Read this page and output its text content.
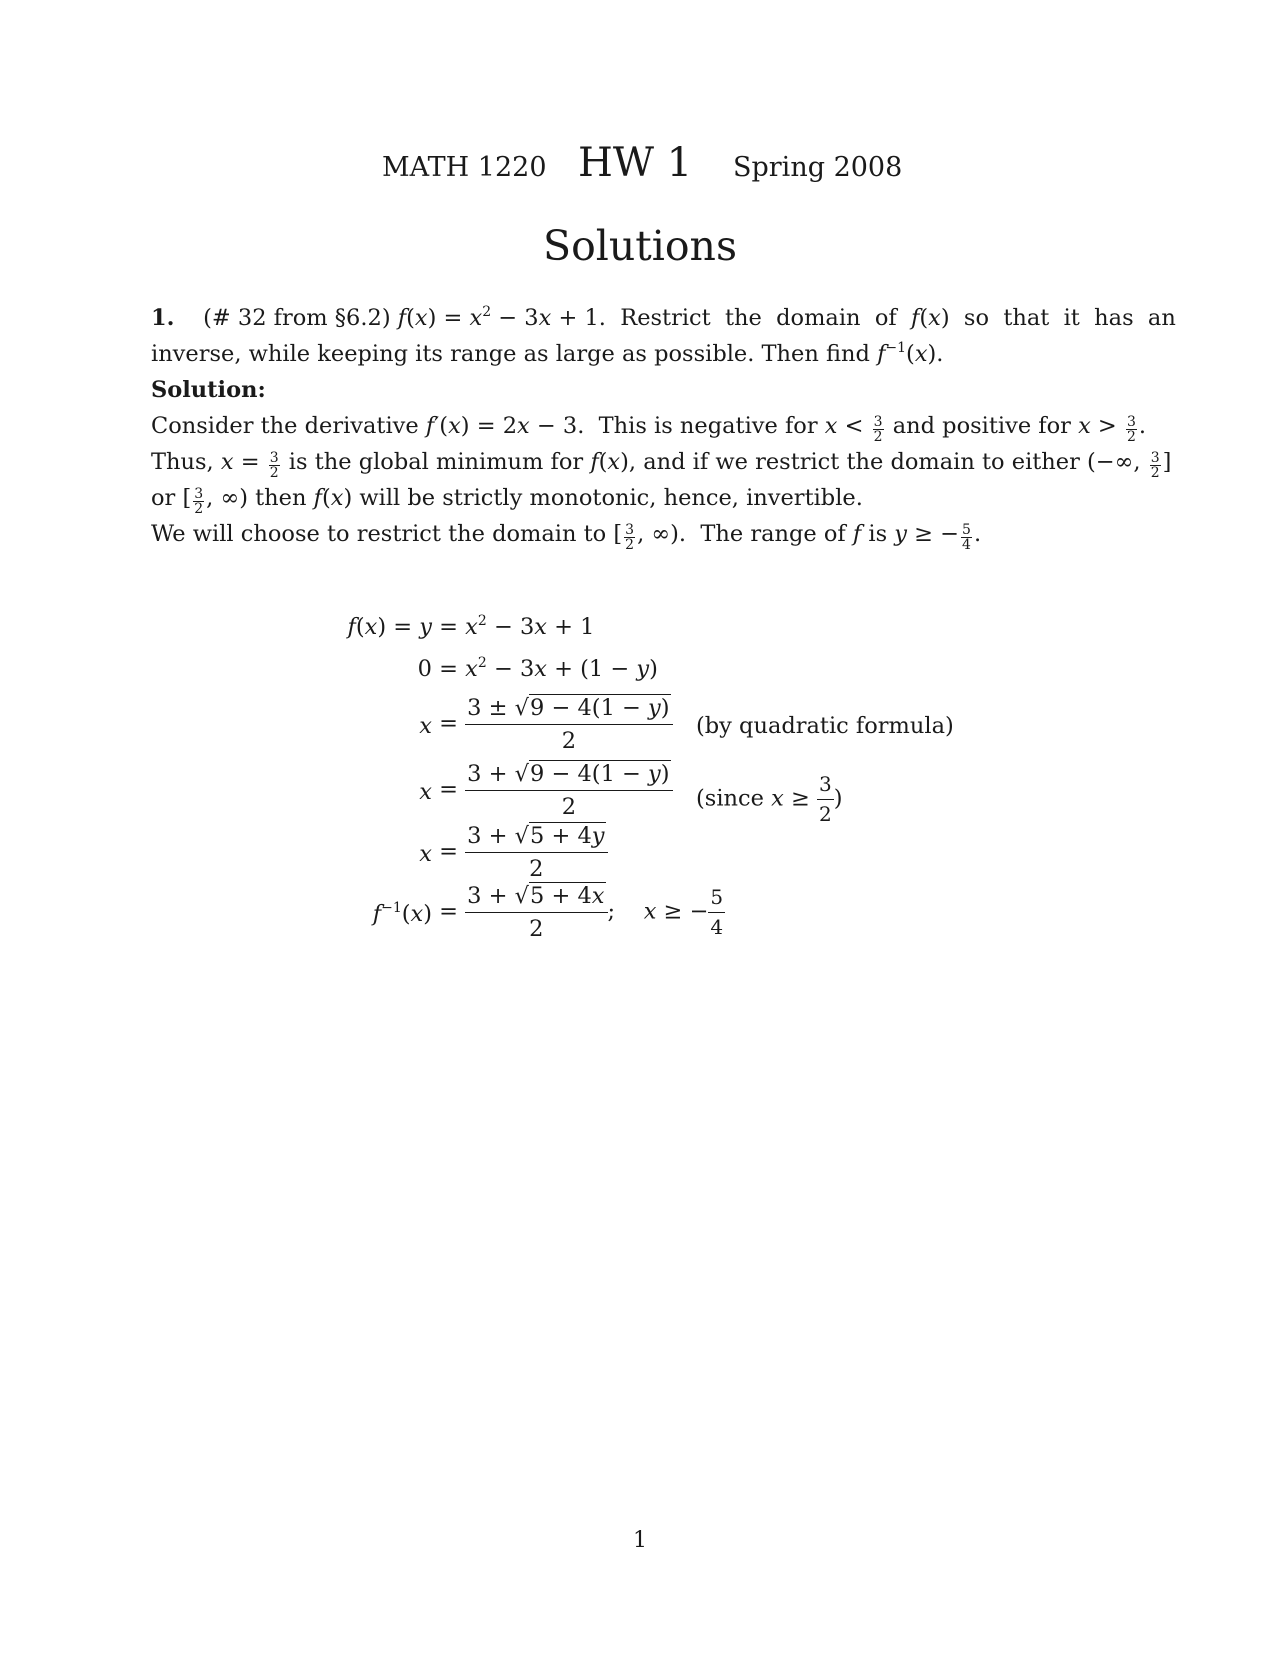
MATH 1220 HW 1 Spring 2008
Solutions
1.    (# 32 from §6.2) $f(x) = x^2 - 3x + 1$.  Restrict  the  domain  of  f(x)  so  that  it  has  an
inverse, while keeping its range as large as possible. Then find $f^{-1}(x)$.
Solution:
Consider the derivative f′(x) = 2x − 3.  This is negative for $x < \frac{3}{2}$ and positive for $x > \frac{3}{2}$ .
Thus, $x = \frac{3}{2}$ is the global minimum for f(x), and if we restrict the domain to either (−∞, $\frac{3}{2}$ ]
or [ $\frac{3}{2}$ , ∞) then f(x) will be strictly monotonic, hence, invertible.
We will choose to restrict the domain to [ $\frac{3}{2}$ , ∞).  The range of f is y ≥ − $\frac{5}{4}$ .
$f(x) = y = x^2 - 3x + 1$
$0 = x^2 - 3x + (1 - y)$
$x = \frac{3 \pm √9 - 4(1 - y)}{2} (by$ quadratic formula)
$x = \frac{3 + √9 - 4(1 - y)}{2}$ (since $x \ge \frac{3}{2}$ )
$x = \frac{3 + √5 + 4y}{2}$
$f^{-1}(x) = \frac{3 + √5 + 4x}{2}$ ;    x ≥ − $\frac{5}{4}$
1
